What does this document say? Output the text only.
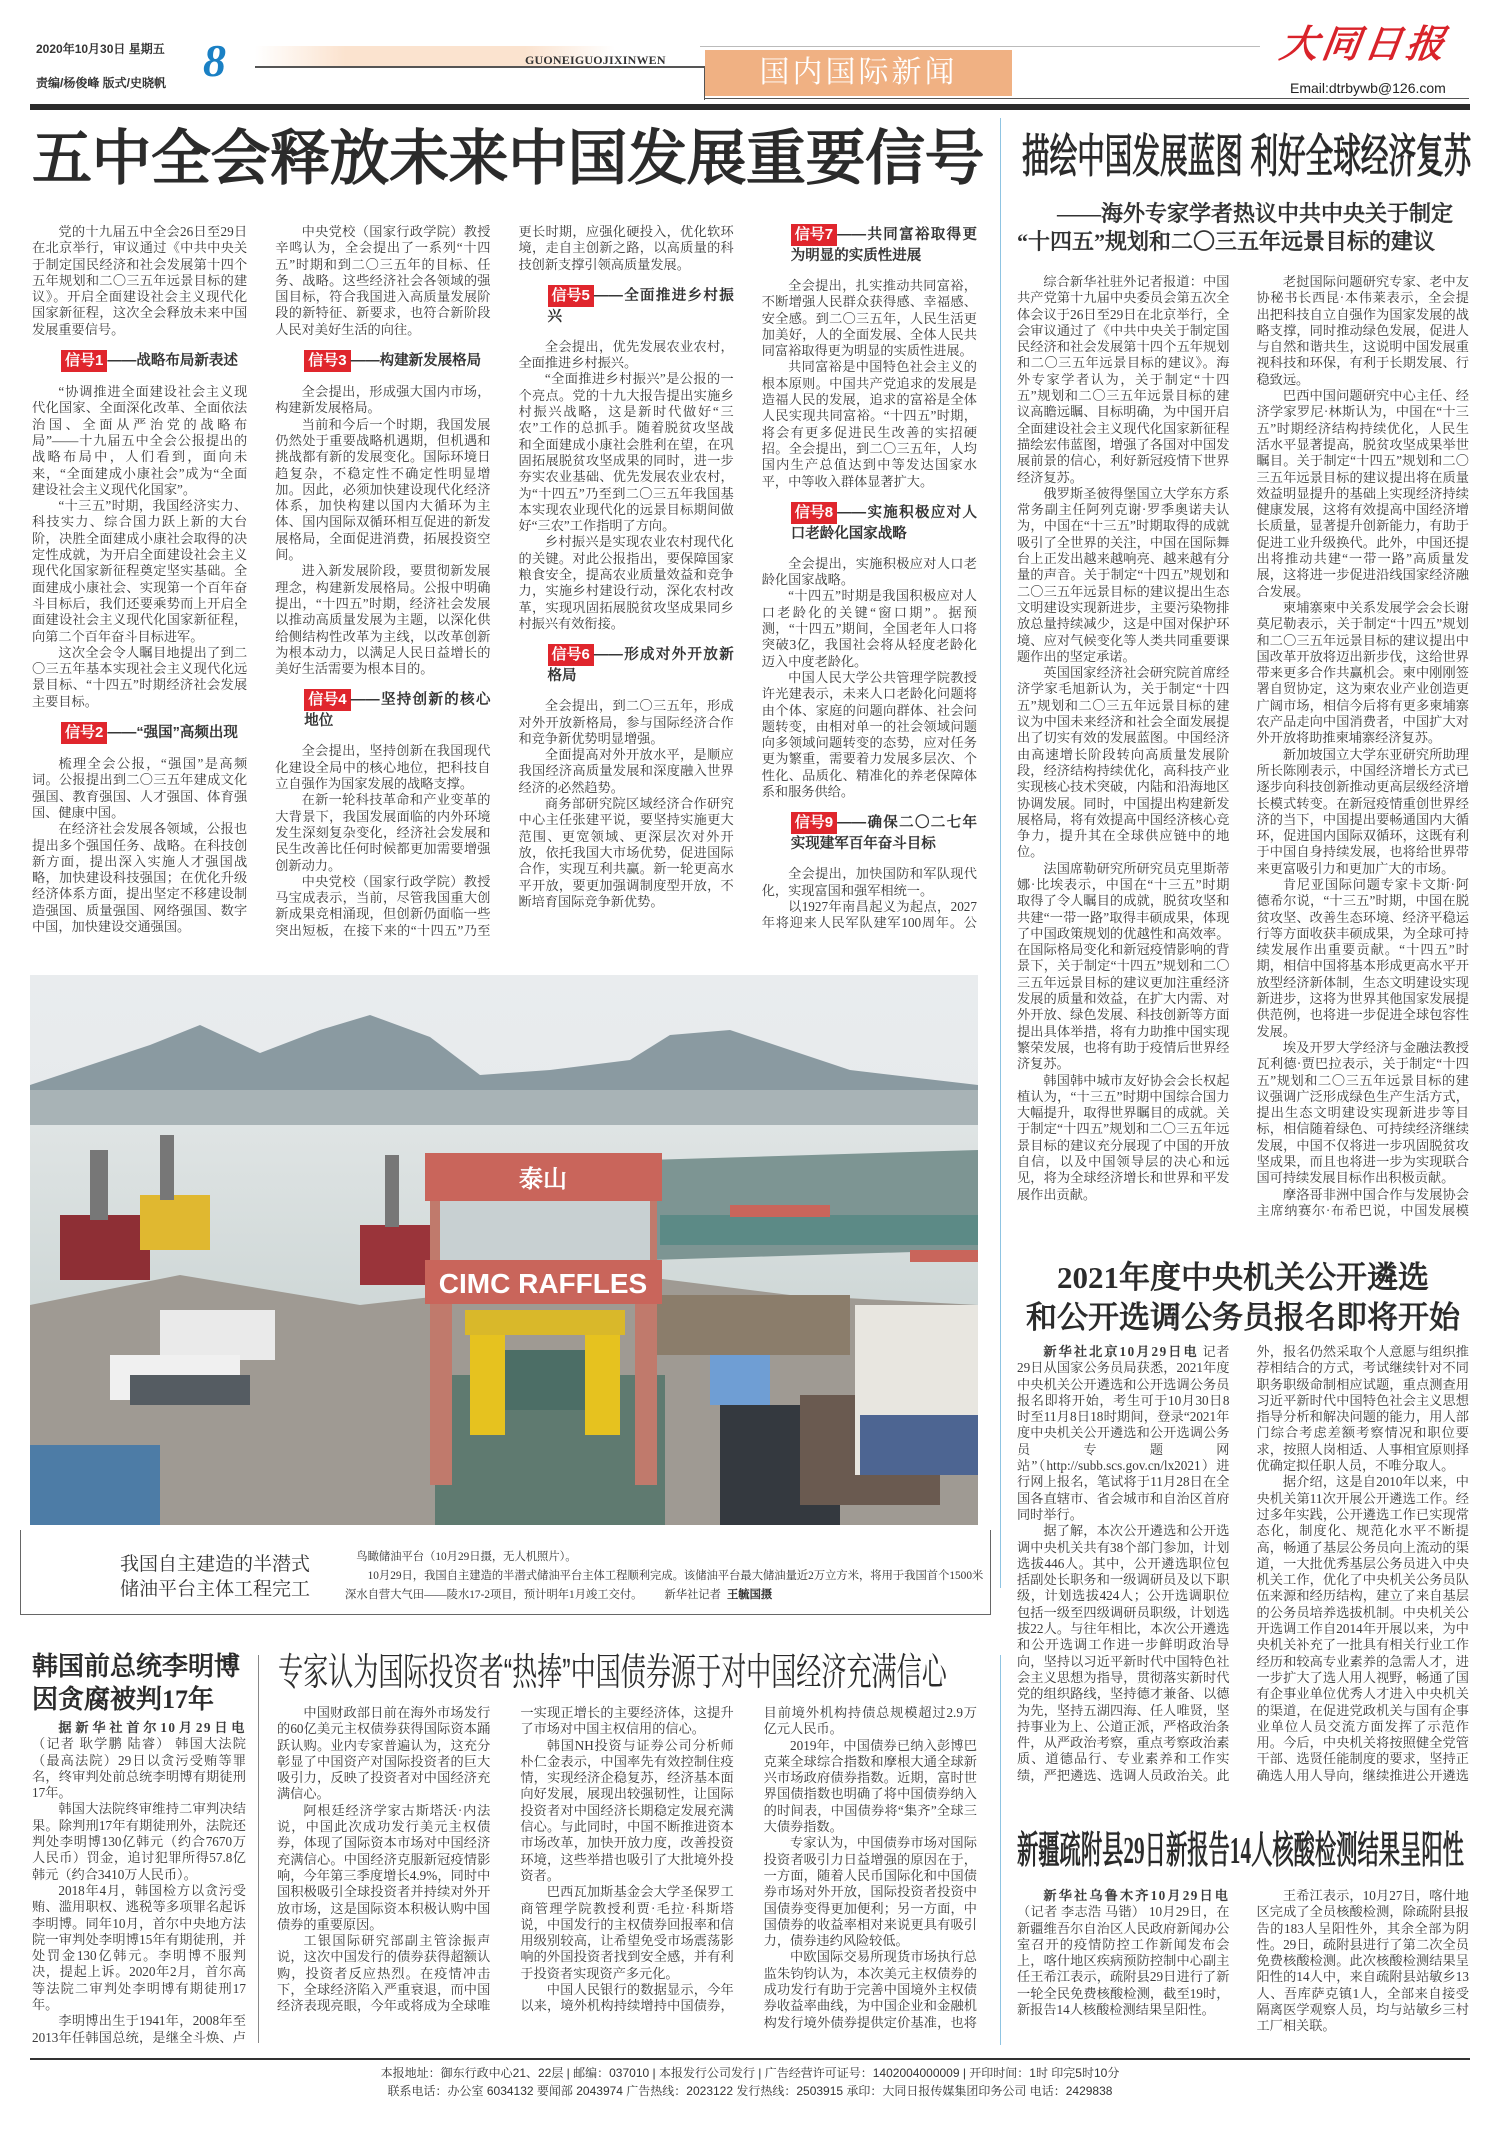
2020年10月30日 星期五
责编/杨俊峰 版式/史晓帆 8	GUONEIGUOJIXINWEN	国内国际新闻
大同日报
Email:dtrbywb@126.com
五中全会释放未来中国发展重要信号

党的十九届五中全会26日至29日在北京举行，审议通过《中共中央关于制定国民经济和社会发展第十四个五年规划和二〇三五年远景目标的建议》。开启全面建设社会主义现代化国家新征程，这次全会释放未来中国发展重要信号。

信号1 ——战略布局新表述

“协调推进全面建设社会主义现代化国家、全面深化改革、全面依法治国、全面从严治党的战略布局”——十九届五中全会公报提出的战略布局中，人们看到，面向未来，“全面建成小康社会”成为“全面建设社会主义现代化国家”。

“十三五”时期，我国经济实力、科技实力、综合国力跃上新的大台阶，决胜全面建成小康社会取得的决定性成就，为开启全面建设社会主义现代化国家新征程奠定坚实基础。全面建成小康社会、实现第一个百年奋斗目标后，我们还要乘势而上开启全面建设社会主义现代化国家新征程，向第二个百年奋斗目标进军。

这次全会令人瞩目地提出了到二〇三五年基本实现社会主义现代化远景目标、“十四五”时期经济社会发展主要目标。

信号2 ——“强国”高频出现

梳理全会公报，“强国”是高频词。公报提出到二〇三五年建成文化强国、教育强国、人才强国、体育强国、健康中国。

在经济社会发展各领域，公报也提出多个强国任务、战略。在科技创新方面，提出深入实施人才强国战略，加快建设科技强国；在优化升级经济体系方面，提出坚定不移建设制造强国、质量强国、网络强国、数字中国，加快建设交通强国。

中央党校（国家行政学院）教授辛鸣认为，全会提出了一系列“十四五”时期和到二〇三五年的目标、任务、战略。这些经济社会各领域的强国目标，符合我国进入高质量发展阶段的新特征、新要求，也符合新阶段人民对美好生活的向往。

信号3 ——构建新发展格局

全会提出，形成强大国内市场，构建新发展格局。

当前和今后一个时期，我国发展仍然处于重要战略机遇期，但机遇和挑战都有新的发展变化。国际环境日趋复杂，不稳定性不确定性明显增加。因此，必须加快建设现代化经济体系，加快构建以国内大循环为主体、国内国际双循环相互促进的新发展格局，全面促进消费，拓展投资空间。

进入新发展阶段，要贯彻新发展理念，构建新发展格局。公报中明确提出，“十四五”时期，经济社会发展以推动高质量发展为主题，以深化供给侧结构性改革为主线，以改革创新为根本动力，以满足人民日益增长的美好生活需要为根本目的。

信号4 ——坚持创新的核心地位

全会提出，坚持创新在我国现代化建设全局中的核心地位，把科技自立自强作为国家发展的战略支撑。

在新一轮科技革命和产业变革的大背景下，我国发展面临的内外环境发生深刻复杂变化，经济社会发展和民生改善比任何时候都更加需要增强创新动力。

中央党校（国家行政学院）教授马宝成表示，当前，尽管我国重大创新成果竞相涌现，但创新仍面临一些突出短板，在接下来的“十四五”乃至更长时期，应强化硬投入，优化软环境，走自主创新之路，以高质量的科技创新支撑引领高质量发展。

信号5 ——全面推进乡村振兴

全会提出，优先发展农业农村，全面推进乡村振兴。

“全面推进乡村振兴”是公报的一个亮点。党的十九大报告提出实施乡村振兴战略，这是新时代做好“三农”工作的总抓手。随着脱贫攻坚战和全面建成小康社会胜利在望，在巩固拓展脱贫攻坚成果的同时，进一步夯实农业基础、优先发展农业农村，为“十四五”乃至到二〇三五年我国基本实现农业现代化的远景目标期间做好“三农”工作指明了方向。

乡村振兴是实现农业农村现代化的关键。对此公报指出，要保障国家粮食安全，提高农业质量效益和竞争力，实施乡村建设行动，深化农村改革，实现巩固拓展脱贫攻坚成果同乡村振兴有效衔接。

信号6 ——形成对外开放新格局

全会提出，到二〇三五年，形成对外开放新格局，参与国际经济合作和竞争新优势明显增强。

全面提高对外开放水平，是顺应我国经济高质量发展和深度融入世界经济的必然趋势。

商务部研究院区域经济合作研究中心主任张建平说，要坚持实施更大范围、更宽领域、更深层次对外开放，依托我国大市场优势，促进国际合作，实现互利共赢。新一轮更高水平开放，要更加强调制度型开放，不断培育国际竞争新优势。

信号7 ——共同富裕取得更为明显的实质性进展

全会提出，扎实推动共同富裕，不断增强人民群众获得感、幸福感、安全感。到二〇三五年，人民生活更加美好，人的全面发展、全体人民共同富裕取得更为明显的实质性进展。

共同富裕是中国特色社会主义的根本原则。中国共产党追求的发展是造福人民的发展，追求的富裕是全体人民实现共同富裕。“十四五”时期，将会有更多促进民生改善的实招硬招。全会提出，到二〇三五年，人均国内生产总值达到中等发达国家水平，中等收入群体显著扩大。

信号8 ——实施积极应对人口老龄化国家战略

全会提出，实施积极应对人口老龄化国家战略。

“十四五”时期是我国积极应对人口老龄化的关键“窗口期”。据预测，“十四五”期间，全国老年人口将突破3亿，我国社会将从轻度老龄化迈入中度老龄化。

中国人民大学公共管理学院教授许光建表示，未来人口老龄化问题将由个体、家庭的问题向群体、社会问题转变，由相对单一的社会领域问题向多领域问题转变的态势，应对任务更为繁重，需要着力发展多层次、个性化、品质化、精准化的养老保障体系和服务供给。

信号9 ——确保二〇二七年实现建军百年奋斗目标

全会提出，加快国防和军队现代化，实现富国和强军相统一。

以1927年南昌起义为起点，2027年将迎来人民军队建军100周年。公

描绘中国发展蓝图 利好全球经济复苏
——海外专家学者热议中共中央关于制定
“十四五”规划和二〇三五年远景目标的建议

综合新华社驻外记者报道：中国共产党第十九届中央委员会第五次全体会议于26日至29日在北京举行，全会审议通过了《中共中央关于制定国民经济和社会发展第十四个五年规划和二〇三五年远景目标的建议》。海外专家学者认为，关于制定“十四五”规划和二〇三五年远景目标的建议高瞻远瞩、目标明确，为中国开启全面建设社会主义现代化国家新征程描绘宏伟蓝图，增强了各国对中国发展前景的信心，利好新冠疫情下世界经济复苏。

俄罗斯圣彼得堡国立大学东方系常务副主任阿列克谢·罗季奥诺夫认为，中国在“十三五”时期取得的成就吸引了全世界的关注，中国在国际舞台上正发出越来越响亮、越来越有分量的声音。关于制定“十四五”规划和二〇三五年远景目标的建议提出生态文明建设实现新进步，主要污染物排放总量持续减少，这是中国对保护环境、应对气候变化等人类共同重要课题作出的坚定承诺。

英国国家经济社会研究院首席经济学家毛旭新认为，关于制定“十四五”规划和二〇三五年远景目标的建议为中国未来经济和社会全面发展提出了切实有效的发展蓝图。中国经济由高速增长阶段转向高质量发展阶段，经济结构持续优化，高科技产业实现核心技术突破，内陆和沿海地区协调发展。同时，中国提出构建新发展格局，将有效提高中国经济核心竞争力，提升其在全球供应链中的地位。

法国席勒研究所研究员克里斯蒂娜·比埃表示，中国在“十三五”时期取得了令人瞩目的成就，脱贫攻坚和共建“一带一路”取得丰硕成果，体现了中国政策规划的优越性和高效率。在国际格局变化和新冠疫情影响的背景下，关于制定“十四五”规划和二〇三五年远景目标的建议更加注重经济发展的质量和效益，在扩大内需、对外开放、绿色发展、科技创新等方面提出具体举措，将有力助推中国实现繁荣发展，也将有助于疫情后世界经济复苏。

韩国韩中城市友好协会会长权起植认为，“十三五”时期中国综合国力大幅提升，取得世界瞩目的成就。关于制定“十四五”规划和二〇三五年远景目标的建议充分展现了中国的开放自信，以及中国领导层的决心和远见，将为全球经济增长和世界和平发展作出贡献。

老挝国际问题研究专家、老中友协秘书长西昆·本伟莱表示，全会提出把科技自立自强作为国家发展的战略支撑，同时推动绿色发展，促进人与自然和谐共生，这说明中国发展重视科技和环保，有利于长期发展、行稳致远。

巴西中国问题研究中心主任、经济学家罗尼·林斯认为，中国在“十三五”时期经济结构持续优化，人民生活水平显著提高，脱贫攻坚成果举世瞩目。关于制定“十四五”规划和二〇三五年远景目标的建议提出将在质量效益明显提升的基础上实现经济持续健康发展，这将有效提高中国经济增长质量，显著提升创新能力，有助于促进工业升级换代。此外，中国还提出将推动共建“一带一路”高质量发展，这将进一步促进沿线国家经济融合发展。

柬埔寨柬中关系发展学会会长谢莫尼勒表示，关于制定“十四五”规划和二〇三五年远景目标的建议提出中国改革开放将迈出新步伐，这给世界带来更多合作共赢机会。柬中刚刚签署自贸协定，这为柬农业产业创造更广阔市场，相信今后将有更多柬埔寨农产品走向中国消费者，中国扩大对外开放将助推柬埔寨经济复苏。

新加坡国立大学东亚研究所助理所长陈刚表示，中国经济增长方式已逐步向科技创新推动更高层级经济增长模式转变。在新冠疫情重创世界经济的当下，中国提出要畅通国内大循环，促进国内国际双循环，这既有利于中国自身持续发展，也将给世界带来更富吸引力和更加广大的市场。

肯尼亚国际问题专家卡文斯·阿德希尔说，“十三五”时期，中国在脱贫攻坚、改善生态环境、经济平稳运行等方面收获丰硕成果，为全球可持续发展作出重要贡献。“十四五”时期，相信中国将基本形成更高水平开放型经济新体制，生态文明建设实现新进步，这将为世界其他国家发展提供范例，也将进一步促进全球包容性发展。

埃及开罗大学经济与金融法教授瓦利德·贾巴拉表示，关于制定“十四五”规划和二〇三五年远景目标的建议强调广泛形成绿色生产生活方式，提出生态文明建设实现新进步等目标，相信随着绿色、可持续经济继续发展，中国不仅将进一步巩固脱贫攻坚成果，而且也将进一步为实现联合国可持续发展目标作出积极贡献。

摩洛哥非洲中国合作与发展协会主席纳赛尔·布希巴说，中国发展模

2021年度中央机关公开遴选
和公开选调公务员报名即将开始

新华社北京10月29日电 记者29日从国家公务员局获悉，2021年度中央机关公开遴选和公开选调公务员报名即将开始，考生可于10月30日8时至11月8日18时期间，登录“2021年度中央机关公开遴选和公开选调公务员专题网站”（http://subb.scs.gov.cn/lx2021）进行网上报名，笔试将于11月28日在全国各直辖市、省会城市和自治区首府同时举行。

据了解，本次公开遴选和公开选调中央机关共有38个部门参加，计划选拔446人。其中，公开遴选职位包括副处长职务和一级调研员及以下职级，计划选拔424人；公开选调职位包括一级至四级调研员职级，计划选拔22人。与往年相比，本次公开遴选和公开选调工作进一步鲜明政治导向，坚持以习近平新时代中国特色社会主义思想为指导，贯彻落实新时代党的组织路线，坚持德才兼备、以德为先，坚持五湖四海、任人唯贤，坚持事业为上、公道正派，严格政治条件，从严政治考察，重点考察政治素质、道德品行、专业素养和工作实绩，严把遴选、选调人员政治关。此外，报名仍然采取个人意愿与组织推荐相结合的方式，考试继续针对不同职务职级命制相应试题，重点测查用习近平新时代中国特色社会主义思想指导分析和解决问题的能力，用人部门综合考虑差额考察情况和职位要求，按照人岗相适、人事相宜原则择优确定拟任职人员，不唯分取人。

据介绍，这是自2010年以来，中央机关第11次开展公开遴选工作。经过多年实践，公开遴选工作已实现常态化，制度化、规范化水平不断提高，畅通了基层公务员向上流动的渠道，一大批优秀基层公务员进入中央机关工作，优化了中央机关公务员队伍来源和经历结构，建立了来自基层的公务员培养选拔机制。中央机关公开选调工作自2014年开展以来，为中央机关补充了一批具有相关行业工作经历和较高专业素养的急需人才，进一步扩大了选人用人视野，畅通了国有企事业单位优秀人才进入中央机关的渠道，在促进党政机关与国有企事业单位人员交流方面发挥了示范作用。今后，中央机关将按照健全党管干部、选贤任能制度的要求，坚持正确选人用人导向，继续推进公开遴选

新疆疏附县29日新报告14人核酸检测结果呈阳性

新华社乌鲁木齐10月29日电（记者 李志浩 马锴） 10月29日，在新疆维吾尔自治区人民政府新闻办公室召开的疫情防控工作新闻发布会上，喀什地区疾病预防控制中心副主任王希江表示，疏附县29日进行了新一轮全民免费核酸检测，截至19时，新报告14人核酸检测结果呈阳性。

王希江表示，10月27日，喀什地区完成了全员核酸检测，除疏附县报告的183人呈阳性外，其余全部为阴性。29日，疏附县进行了第二次全员免费核酸检测。此次核酸检测结果呈阳性的14人中，来自疏附县站敏乡13人、吾库萨克镇1人，全部来自接受隔离医学观察人员，均与站敏乡三村工厂相关联。

泰山
CIMC RAFFLES
我国自主建造的半潜式
储油平台主体工程完工
鸟瞰储油平台（10月29日摄，无人机照片）。
10月29日，我国自主建造的半潜式储油平台主体工程顺利完成。该储油平台最大储油量近2万立方米，将用于我国首个1500米深水自营大气田——陵水17-2项目，预计明年1月竣工交付。 新华社记者 王毓国摄
韩国前总统李明博
因贪腐被判17年

据新华社首尔10月29日电（记者 耿学鹏 陆睿） 韩国大法院（最高法院）29日以贪污受贿等罪名，终审判处前总统李明博有期徒刑17年。

韩国大法院终审维持二审判决结果。除判刑17年有期徒刑外，法院还判处李明博130亿韩元（约合7670万人民币）罚金，追讨犯罪所得57.8亿韩元（约合3410万人民币）。

2018年4月，韩国检方以贪污受贿、滥用职权、逃税等多项罪名起诉李明博。同年10月，首尔中央地方法院一审判处李明博15年有期徒刑，并处罚金130亿韩元。李明博不服判决，提起上诉。2020年2月，首尔高等法院二审判处李明博有期徒刑17年。

李明博出生于1941年，2008年至2013年任韩国总统，是继全斗焕、卢

专家认为国际投资者“热捧”中国债券源于对中国经济充满信心

中国财政部日前在海外市场发行的60亿美元主权债券获得国际资本踊跃认购。业内专家普遍认为，这充分彰显了中国资产对国际投资者的巨大吸引力，反映了投资者对中国经济充满信心。

阿根廷经济学家古斯塔沃·内法说，中国此次成功发行美元主权债券，体现了国际资本市场对中国经济充满信心。中国经济克服新冠疫情影响，今年第三季度增长4.9%，同时中国积极吸引全球投资者并持续对外开放市场，这是国际资本积极认购中国债券的重要原因。

工银国际研究部副主管涂振声说，这次中国发行的债券获得超额认购，投资者反应热烈。在疫情冲击下，全球经济陷入严重衰退，而中国经济表现亮眼，今年或将成为全球唯一实现正增长的主要经济体，这提升了市场对中国主权信用的信心。

韩国NH投资与证券公司分析师朴仁金表示，中国率先有效控制住疫情，实现经济企稳复苏，经济基本面向好发展，展现出较强韧性，让国际投资者对中国经济长期稳定发展充满信心。与此同时，中国不断推进资本市场改革，加快开放力度，改善投资环境，这些举措也吸引了大批境外投资者。

巴西瓦加斯基金会大学圣保罗工商管理学院教授利贾·毛拉·科斯塔说，中国发行的主权债券回报率和信用级别较高，让希望免受市场震荡影响的外国投资者找到安全感，并有利于投资者实现资产多元化。

中国人民银行的数据显示，今年以来，境外机构持续增持中国债券，目前境外机构持债总规模超过2.9万亿元人民币。

2019年，中国债券已纳入彭博巴克莱全球综合指数和摩根大通全球新兴市场政府债券指数。近期，富时世界国债指数也明确了将中国债券纳入的时间表，中国债券将“集齐”全球三大债券指数。

专家认为，中国债券市场对国际投资者吸引力日益增强的原因在于，一方面，随着人民币国际化和中国债券市场对外开放，国际投资者投资中国债券变得更加便利；另一方面，中国债券的收益率相对来说更具有吸引力，债券违约风险较低。

中欧国际交易所现货市场执行总监朱钧钧认为，本次美元主权债券的成功发行有助于完善中国境外主权债券收益率曲线，为中国企业和金融机构发行境外债券提供定价基准，也将

本报地址：御东行政中心21、22层 | 邮编：037010 | 本报发行公司发行 | 广告经营许可证号：1402004000009 | 开印时间：1时 印完5时10分
联系电话：办公室 6034132 要闻部 2043974 广告热线：2023122 发行热线：2503915 承印：大同日报传媒集团印务公司 电话：2429838
